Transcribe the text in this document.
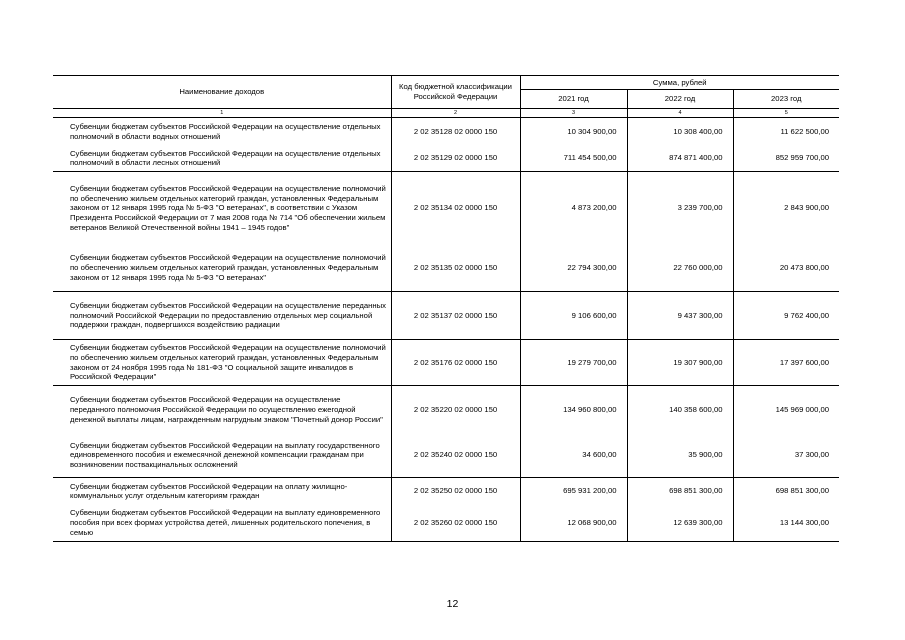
Наименование доходов	Код бюджетной классификации Российской Федерации	Сумма, рублей		
		2021 год	2022 год	2023 год
1	2	3	4	5
Субвенции бюджетам субъектов Российской Федерации на осуществление отдельных полномочий в области водных отношений	2 02 35128 02 0000 150	10 304 900,00	10 308 400,00	11 622 500,00
Субвенции бюджетам субъектов Российской Федерации на осуществление отдельных полномочий в области лесных отношений	2 02 35129 02 0000 150	711 454 500,00	874 871 400,00	852 959 700,00
Субвенции бюджетам субъектов Российской Федерации на осуществление полномочий по обеспечению жильем отдельных категорий граждан, установленных Федеральным законом от 12 января 1995 года № 5-ФЗ "О ветеранах", в соответствии с Указом Президента Российской Федерации от 7 мая 2008 года № 714 "Об обеспечении жильем ветеранов Великой Отечественной войны 1941 – 1945 годов"	2 02 35134 02 0000 150	4 873 200,00	3 239 700,00	2 843 900,00
Субвенции бюджетам субъектов Российской Федерации на осуществление полномочий по обеспечению жильем отдельных категорий граждан, установленных Федеральным законом от 12 января 1995 года № 5-ФЗ "О ветеранах"	2 02 35135 02 0000 150	22 794 300,00	22 760 000,00	20 473 800,00
Субвенции бюджетам субъектов Российской Федерации на осуществление переданных полномочий Российской Федерации по предоставлению отдельных мер социальной поддержки граждан, подвергшихся воздействию радиации	2 02 35137 02 0000 150	9 106 600,00	9 437 300,00	9 762 400,00
Субвенции бюджетам субъектов Российской Федерации на осуществление полномочий по обеспечению жильем отдельных категорий граждан, установленных Федеральным законом от 24 ноября 1995 года № 181-ФЗ "О социальной защите инвалидов в Российской Федерации"	2 02 35176 02 0000 150	19 279 700,00	19 307 900,00	17 397 600,00
Субвенции бюджетам субъектов Российской Федерации на осуществление переданного полномочия Российской Федерации по осуществлению ежегодной денежной выплаты лицам, награжденным нагрудным знаком "Почетный донор России"	2 02 35220 02 0000 150	134 960 800,00	140 358 600,00	145 969 000,00
Субвенции бюджетам субъектов Российской Федерации на выплату государственного единовременного пособия и ежемесячной денежной компенсации гражданам при возникновении поствакцинальных осложнений	2 02 35240 02 0000 150	34 600,00	35 900,00	37 300,00
Субвенции бюджетам субъектов Российской Федерации на оплату жилищно-коммунальных услуг отдельным категориям граждан	2 02 35250 02 0000 150	695 931 200,00	698 851 300,00	698 851 300,00
Субвенции бюджетам субъектов Российской Федерации на выплату единовременного пособия при всех формах устройства детей, лишенных родительского попечения, в семью	2 02 35260 02 0000 150	12 068 900,00	12 639 300,00	13 144 300,00
12
